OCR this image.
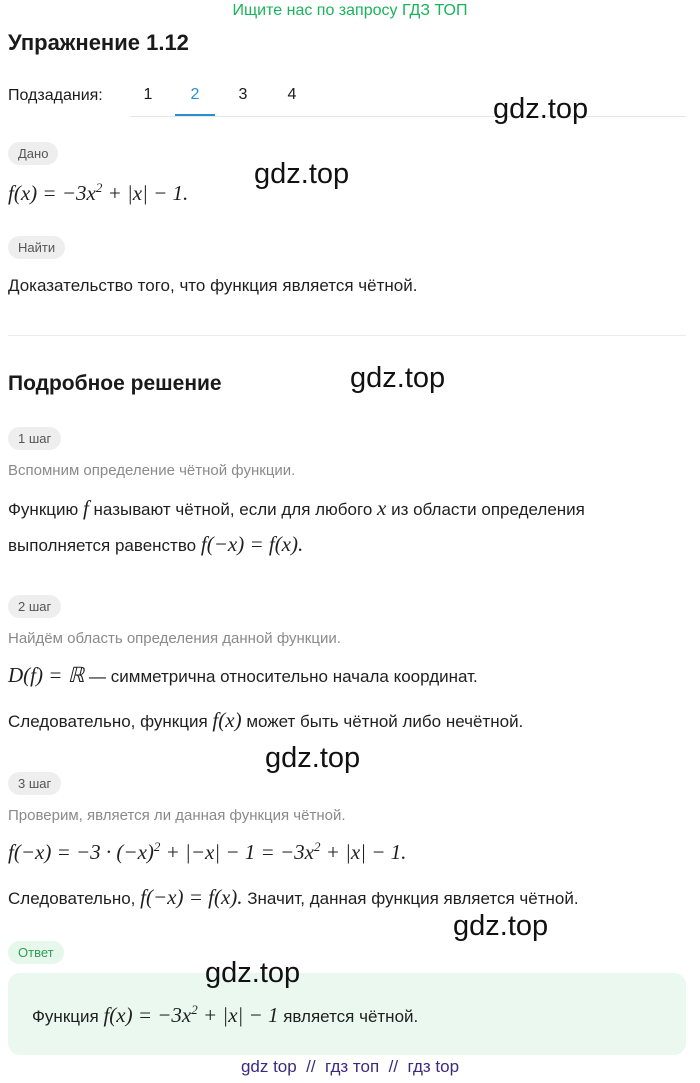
Ищите нас по запросу ГДЗ ТОП
Упражнение 1.12
Подзадания:	1	2	3	4
Дано
$f(x) = -3x^2 + |x| - 1$.
Найти
Доказательство того, что функция является чётной.
Подробное решение
1 шаг
Вспомним определение чётной функции.
Функцию f называют чётной, если для любого x из области определения
выполняется равенство f(−x) = f(x).
2 шаг
Найдём область определения данной функции.
D(f) = ℝ — симметрична относительно начала координат.
Следовательно, функция f(x) может быть чётной либо нечётной.
3 шаг
Проверим, является ли данная функция чётной.
$f(-x) = -3 \cdot (-x)^2 + |-x| - 1 = -3x^2 + |x| - 1$.
Следовательно, f(−x) = f(x). Значит, данная функция является чётной.
Ответ
Функция $f(x) = -3x^2 + |x| - 1$ является чётной.
gdz.top
gdz.top
gdz.top
gdz.top
gdz.top
gdz.top
gdz top  //  гдз топ  //  гдз top
